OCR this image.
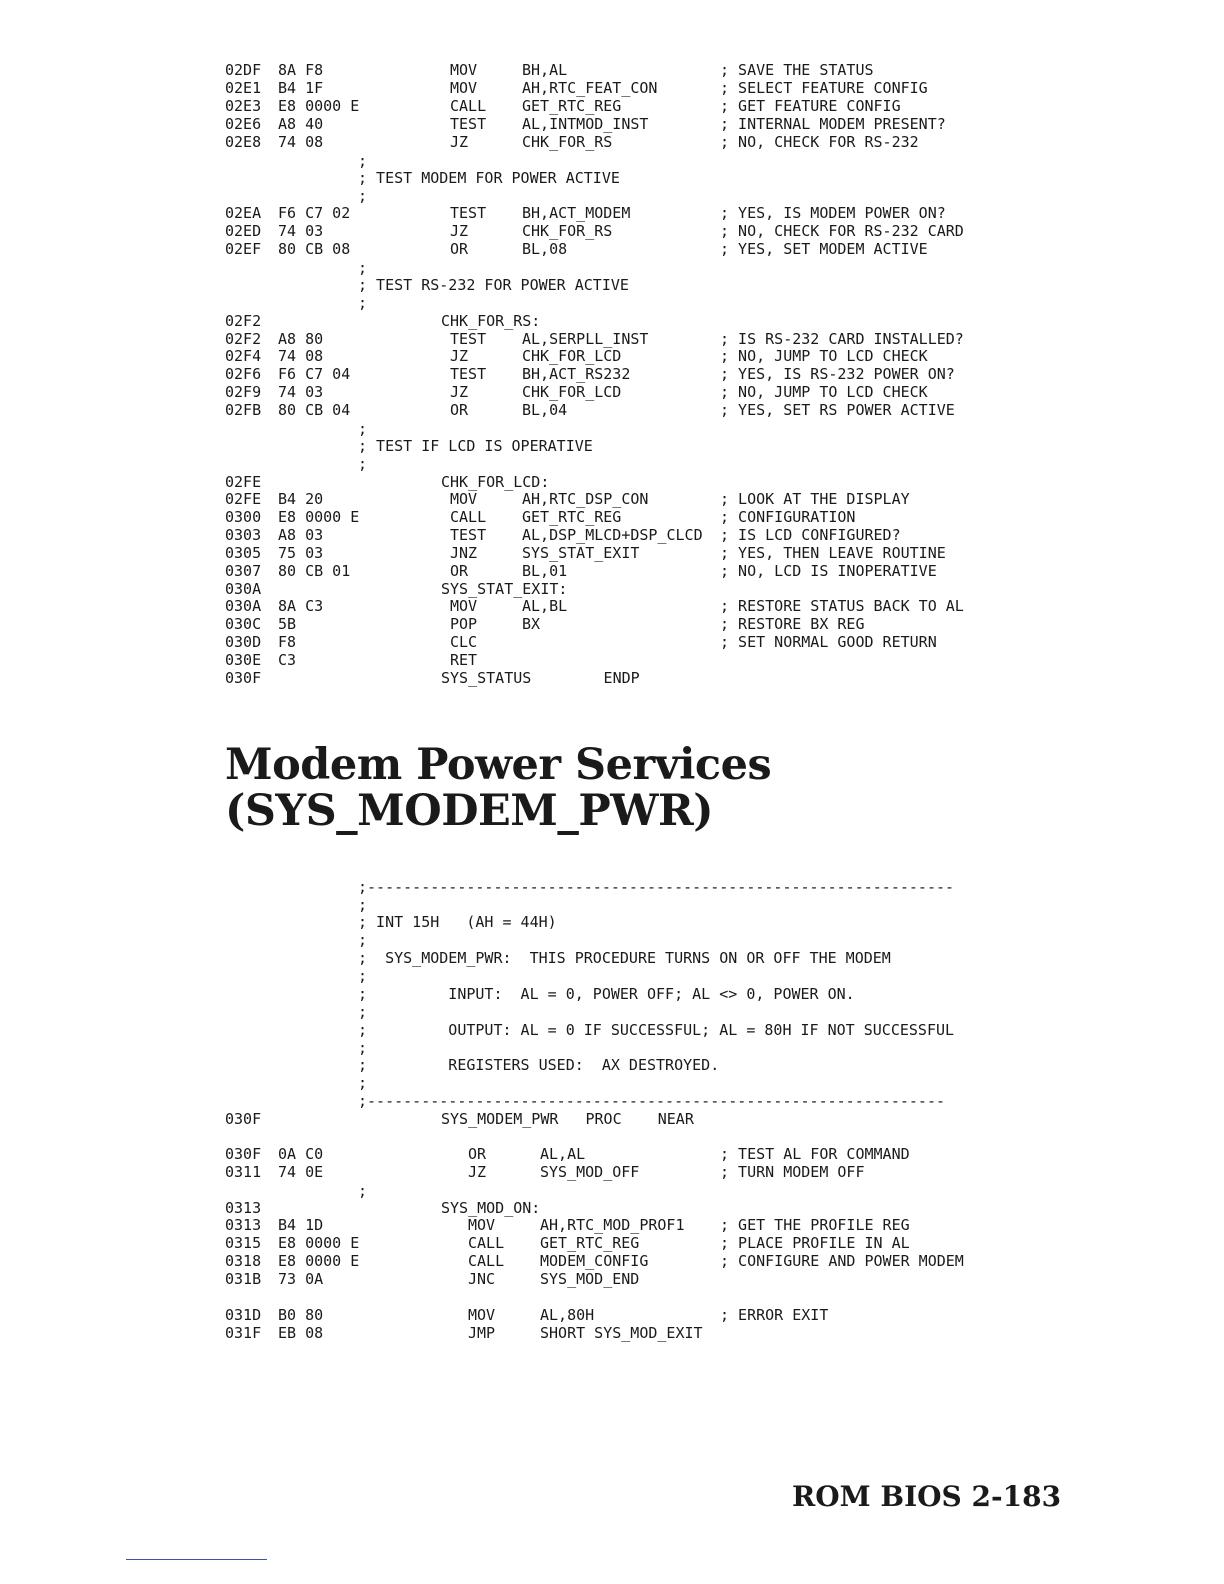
02DF 8A F8	MOV	BH,AL	; SAVE THE STATUS
02E1 B4 1F	MOV	AH,RTC_FEAT_CON	; SELECT FEATURE CONFIG
02E3 E8 0000 E	CALL GET_RTC_REG	; GET FEATURE CONFIG
02E6 A8 40	TEST AL,INTMOD_INST	; INTERNAL MODEM PRESENT?
02E8 74 08	JZ	CHK_FOR_RS	; NO, CHECK FOR RS-232
;
; TEST MODEM FOR POWER ACTIVE
;
02EA F6 C7 02	TEST BH,ACT_MODEM	; YES, IS MODEM POWER ON?
02ED 74 03	JZ	CHK_FOR_RS	; NO, CHECK FOR RS-232 CARD
02EF 80 CB 08	OR	BL,08	; YES, SET MODEM ACTIVE
;
; TEST RS-232 FOR POWER ACTIVE
;
02F2	CHK_FOR_RS:
02F2 A8 80	TEST AL,SERPLL_INST	; IS RS-232 CARD INSTALLED?
02F4 74 08	JZ	CHK_FOR_LCD	; NO, JUMP TO LCD CHECK
02F6 F6 C7 04	TEST BH,ACT_RS232	; YES, IS RS-232 POWER ON?
02F9 74 03	JZ	CHK_FOR_LCD	; NO, JUMP TO LCD CHECK
02FB 80 CB 04	OR	BL,04	; YES, SET RS POWER ACTIVE
;
; TEST IF LCD IS OPERATIVE
;
02FE	CHK_FOR_LCD:
02FE B4 20	MOV	AH,RTC_DSP_CON	; LOOK AT THE DISPLAY
0300 E8 0000 E	CALL GET_RTC_REG	; CONFIGURATION
0303 A8 03	TEST AL,DSP_MLCD+DSP_CLCD ; IS LCD CONFIGURED?
0305 75 03	JNZ	SYS_STAT_EXIT	; YES, THEN LEAVE ROUTINE
0307 80 CB 01	OR	BL,01	; NO, LCD IS INOPERATIVE
030A	SYS_STAT_EXIT:
030A 8A C3	MOV	AL,BL	; RESTORE STATUS BACK TO AL
030C 5B	POP	BX	; RESTORE BX REG
030D F8	CLC	; SET NORMAL GOOD RETURN
030E C3	RET
030F	SYS_STATUS        ENDP
Modem Power Services
(SYS_MODEM_PWR)
;-----------------------------------------------------------------
;
; INT 15H   (AH = 44H)
;
;  SYS_MODEM_PWR:  THIS PROCEDURE TURNS ON OR OFF THE MODEM
;
;         INPUT:  AL = 0, POWER OFF; AL <> 0, POWER ON.
;
;         OUTPUT: AL = 0 IF SUCCESSFUL; AL = 80H IF NOT SUCCESSFUL
;
;         REGISTERS USED:  AX DESTROYED.
;
;----------------------------------------------------------------
030F	SYS_MODEM_PWR   PROC    NEAR
030F 0A C0	OR	AL,AL	; TEST AL FOR COMMAND
0311 74 0E	JZ	SYS_MOD_OFF	; TURN MODEM OFF
;
0313	SYS_MOD_ON:
0313 B4 1D	MOV	AH,RTC_MOD_PROF1 ; GET THE PROFILE REG
0315 E8 0000 E	CALL GET_RTC_REG	; PLACE PROFILE IN AL
0318 E8 0000 E	CALL MODEM_CONFIG	; CONFIGURE AND POWER MODEM
031B 73 0A	JNC	SYS_MOD_END
031D B0 80	MOV	AL,80H	; ERROR EXIT
031F EB 08	JMP	SHORT SYS_MOD_EXIT
ROM BIOS 2-183
